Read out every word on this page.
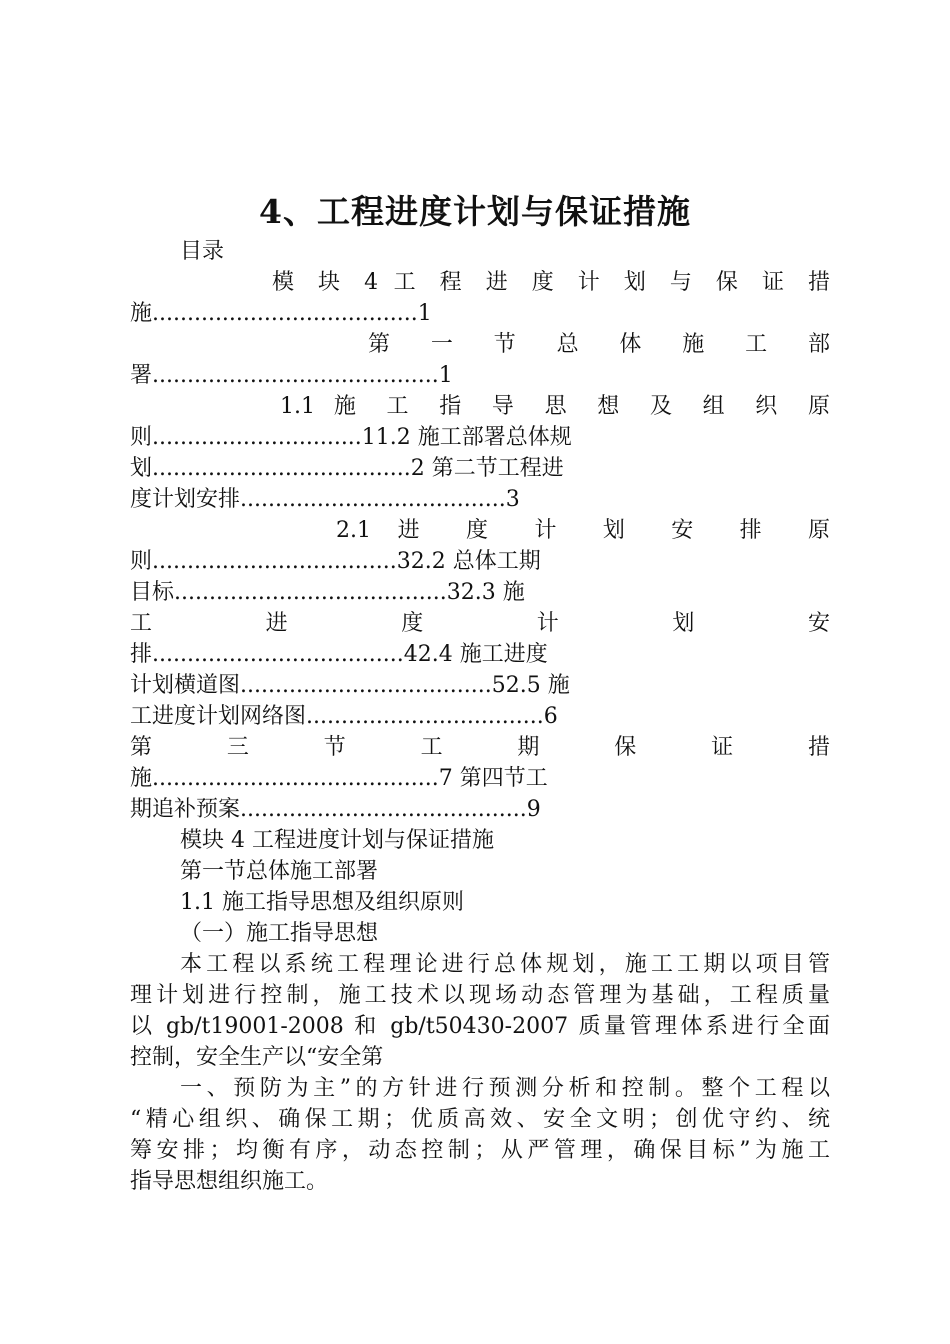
4、工程进度计划与保证措施
目录
模 块 4 工 程 进 度 计 划 与 保 证 措
施......................................1
第 一 节 总 体 施 工 部
署.........................................1
1.1 施 工 指 导 思 想 及 组 织 原
则..............................11.2 施工部署总体规
划.....................................2 第二节工程进
度计划安排......................................3
2.1 进 度 计 划 安 排 原
则...................................32.2 总体工期
目标.......................................32.3 施
工 进 度 计 划 安
排....................................42.4 施工进度
计划横道图....................................52.5 施
工进度计划网络图..................................6
第 三 节 工 期 保 证 措
施.........................................7 第四节工
期追补预案.........................................9
模块 4 工程进度计划与保证措施
第一节总体施工部署
1.1 施工指导思想及组织原则
（一）施工指导思想
本工程以系统工程理论进行总体规划，施工工期以项目管
理计划进行控制，施工技术以现场动态管理为基础，工程质量
以 gb/t19001-2008 和 gb/t50430-2007 质量管理体系进行全面
控制，安全生产以“安全第
一、预防为主”的方针进行预测分析和控制。整个工程以
“精心组织、确保工期；优质高效、安全文明；创优守约、统
筹安排；均衡有序，动态控制；从严管理，确保目标”为施工
指导思想组织施工。
